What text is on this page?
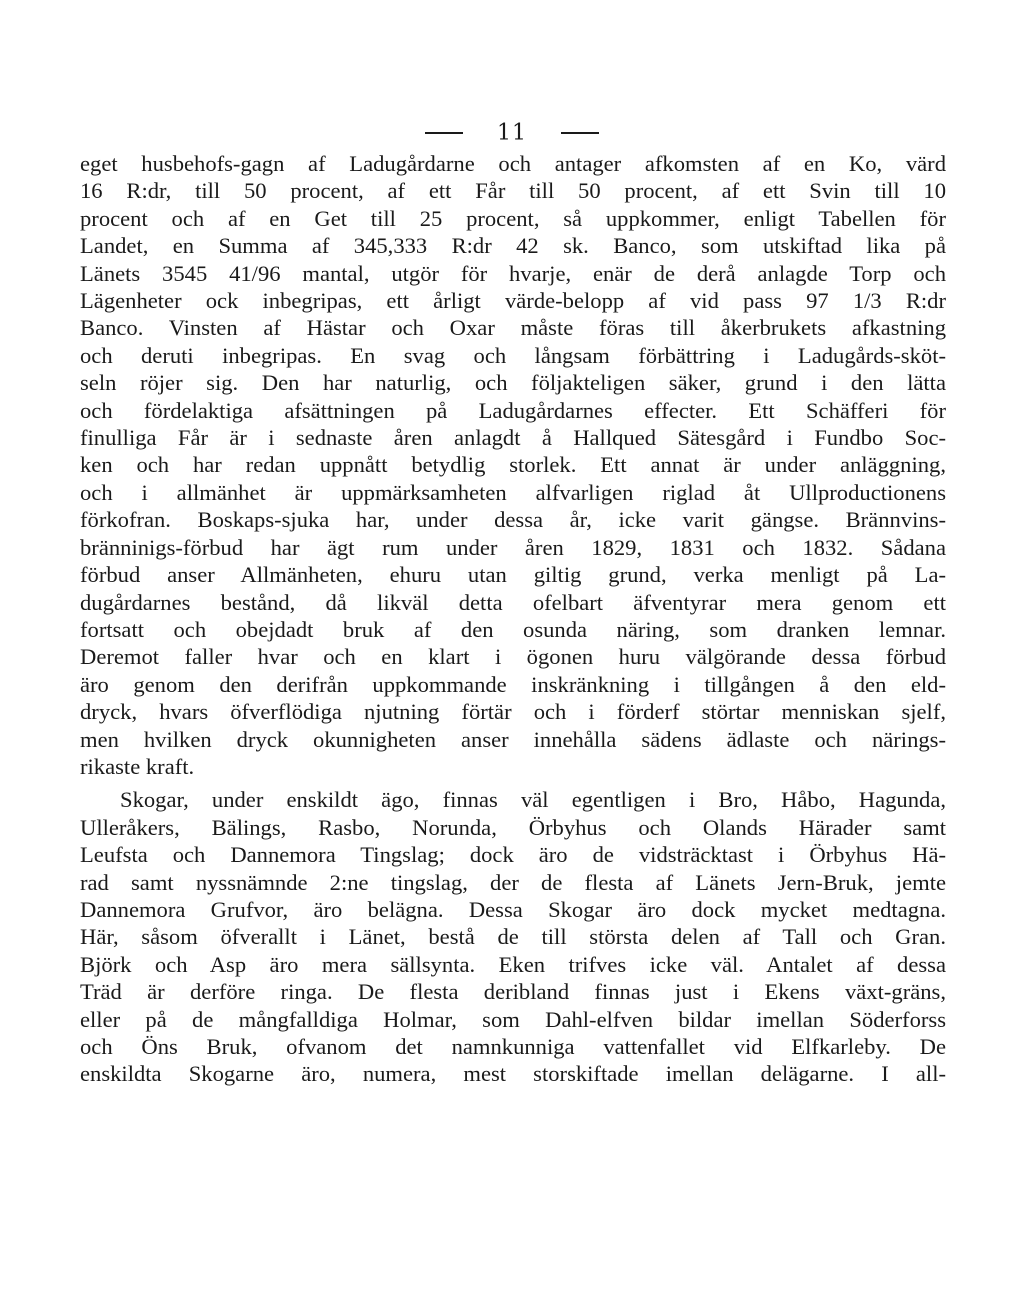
11
eget husbehofs-gagn af Ladugårdarne och antager afkomsten af en Ko, värd
16 R:dr, till 50 procent, af ett Får till 50 procent, af ett Svin till 10
procent och af en Get till 25 procent, så uppkommer, enligt Tabellen för
Landet, en Summa af 345,333 R:dr 42 sk. Banco, som utskiftad lika på
Länets 3545 41/96 mantal, utgör för hvarje, enär de derå anlagde Torp och
Lägenheter ock inbegripas, ett årligt värde-belopp af vid pass 97 1/3 R:dr
Banco. Vinsten af Hästar och Oxar måste föras till åkerbrukets afkastning
och deruti inbegripas. En svag och långsam förbättring i Ladugårds-sköt-
seln röjer sig. Den har naturlig, och följakteligen säker, grund i den lätta
och fördelaktiga afsättningen på Ladugårdarnes effecter. Ett Schäfferi för
finulliga Får är i sednaste åren anlagdt å Hallqued Sätesgård i Fundbo Soc-
ken och har redan uppnått betydlig storlek. Ett annat är under anläggning,
och i allmänhet är uppmärksamheten alfvarligen riglad åt Ullproductionens
förkofran. Boskaps-sjuka har, under dessa år, icke varit gängse. Brännvins-
bränninigs-förbud har ägt rum under åren 1829, 1831 och 1832. Sådana
förbud anser Allmänheten, ehuru utan giltig grund, verka menligt på La-
dugårdarnes bestånd, då likväl detta ofelbart äfventyrar mera genom ett
fortsatt och obejdadt bruk af den osunda näring, som dranken lemnar.
Deremot faller hvar och en klart i ögonen huru välgörande dessa förbud
äro genom den derifrån uppkommande inskränkning i tillgången å den eld-
dryck, hvars öfverflödiga njutning förtär och i förderf störtar menniskan sjelf,
men hvilken dryck okunnigheten anser innehålla sädens ädlaste och närings-
rikaste kraft.
Skogar, under enskildt ägo, finnas väl egentligen i Bro, Håbo, Hagunda,
Ulleråkers, Bälings, Rasbo, Norunda, Örbyhus och Olands Härader samt
Leufsta och Dannemora Tingslag; dock äro de vidsträcktast i Örbyhus Hä-
rad samt nyssnämnde 2:ne tingslag, der de flesta af Länets Jern-Bruk, jemte
Dannemora Grufvor, äro belägna. Dessa Skogar äro dock mycket medtagna.
Här, såsom öfverallt i Länet, bestå de till största delen af Tall och Gran.
Björk och Asp äro mera sällsynta. Eken trifves icke väl. Antalet af dessa
Träd är derföre ringa. De flesta deribland finnas just i Ekens växt-gräns,
eller på de mångfalldiga Holmar, som Dahl-elfven bildar imellan Söderforss
och Öns Bruk, ofvanom det namnkunniga vattenfallet vid Elfkarleby. De
enskildta Skogarne äro, numera, mest storskiftade imellan delägarne. I all-
